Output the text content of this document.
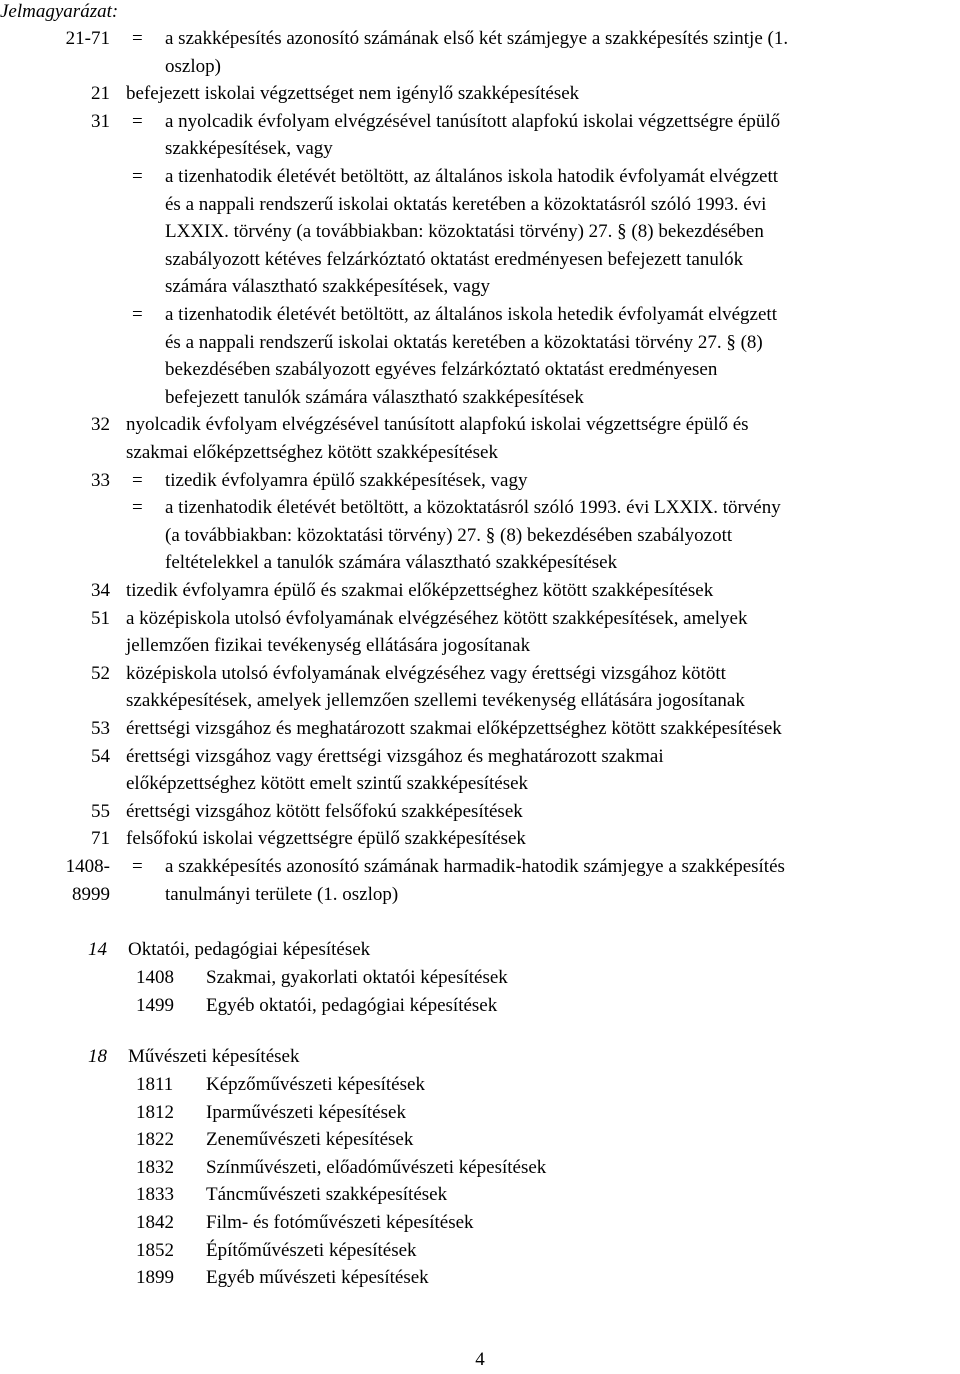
Jelmagyarázat:
21-71 = a szakképesítés azonosító számának első két számjegye a szakképesítés szintje (1.
oszlop)
21 befejezett iskolai végzettséget nem igénylő szakképesítések
31 = a nyolcadik évfolyam elvégzésével tanúsított alapfokú iskolai végzettségre épülő
szakképesítések, vagy
= a tizenhatodik életévét betöltött, az általános iskola hatodik évfolyamát elvégzett
és a nappali rendszerű iskolai oktatás keretében a közoktatásról szóló 1993. évi
LXXIX. törvény (a továbbiakban: közoktatási törvény) 27. § (8) bekezdésében
szabályozott kétéves felzárkóztató oktatást eredményesen befejezett tanulók
számára választható szakképesítések, vagy
= a tizenhatodik életévét betöltött, az általános iskola hetedik évfolyamát elvégzett
és a nappali rendszerű iskolai oktatás keretében a közoktatási törvény 27. § (8)
bekezdésében szabályozott egyéves felzárkóztató oktatást eredményesen
befejezett tanulók számára választható szakképesítések
32 nyolcadik évfolyam elvégzésével tanúsított alapfokú iskolai végzettségre épülő és
szakmai előképzettséghez kötött szakképesítések
33 = tizedik évfolyamra épülő szakképesítések, vagy
= a tizenhatodik életévét betöltött, a közoktatásról szóló 1993. évi LXXIX. törvény
(a továbbiakban: közoktatási törvény) 27. § (8) bekezdésében szabályozott
feltételekkel a tanulók számára választható szakképesítések
34 tizedik évfolyamra épülő és szakmai előképzettséghez kötött szakképesítések
51 a középiskola utolsó évfolyamának elvégzéséhez kötött szakképesítések, amelyek
jellemzően fizikai tevékenység ellátására jogosítanak
52 középiskola utolsó évfolyamának elvégzéséhez vagy érettségi vizsgához kötött
szakképesítések, amelyek jellemzően szellemi tevékenység ellátására jogosítanak
53 érettségi vizsgához és meghatározott szakmai előképzettséghez kötött szakképesítések
54 érettségi vizsgához vagy érettségi vizsgához és meghatározott szakmai
előképzettséghez kötött emelt szintű szakképesítések
55 érettségi vizsgához kötött felsőfokú szakképesítések
71 felsőfokú iskolai végzettségre épülő szakképesítések
1408-
8999
= a szakképesítés azonosító számának harmadik-hatodik számjegye a szakképesítés
tanulmányi területe (1. oszlop)
14 Oktatói, pedagógiai képesítések
1408 Szakmai, gyakorlati oktatói képesítések
1499 Egyéb oktatói, pedagógiai képesítések
18 Művészeti képesítések
1811 Képzőművészeti képesítések
1812 Iparművészeti képesítések
1822 Zeneművészeti képesítések
1832 Színművészeti, előadóművészeti képesítések
1833 Táncművészeti szakképesítések
1842 Film- és fotóművészeti képesítések
1852 Építőművészeti képesítések
1899 Egyéb művészeti képesítések
4
